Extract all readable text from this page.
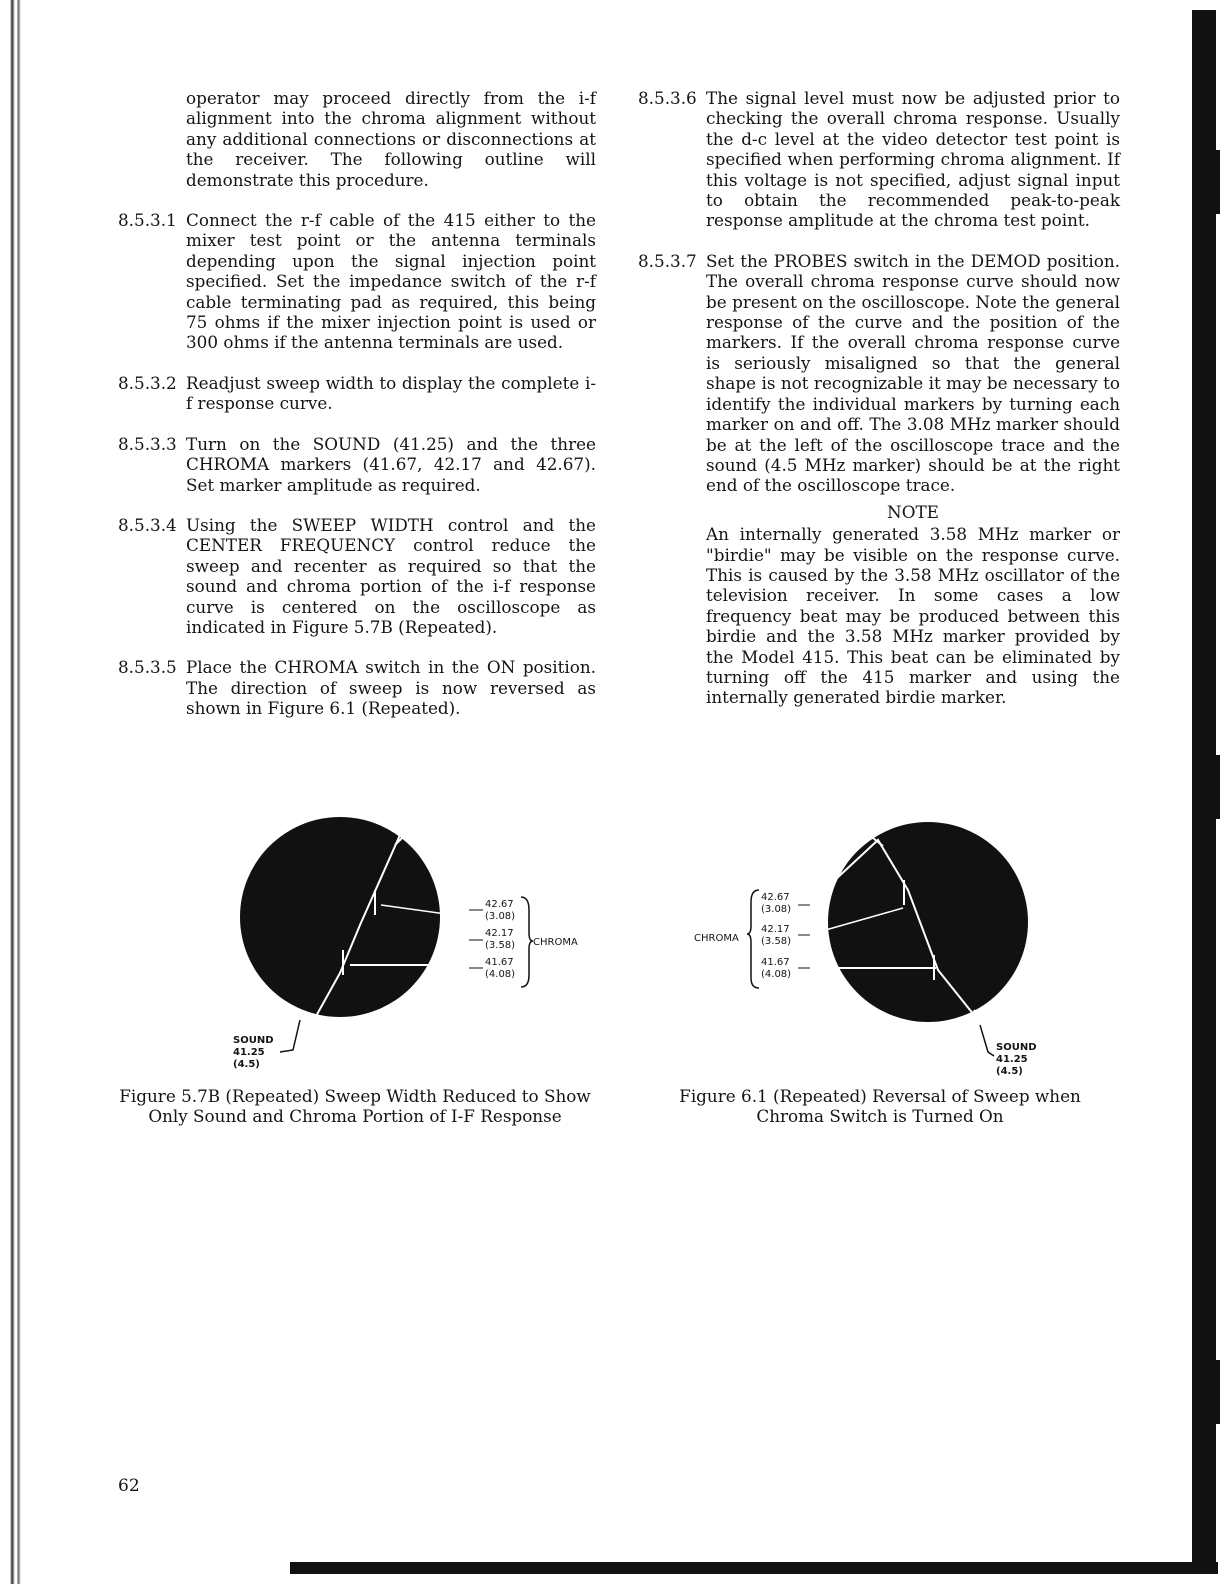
operator may proceed directly from the i-f alignment into the chroma alignment without any additional connections or disconnections at the receiver. The following outline will demonstrate this procedure.

8.5.3.1 Connect the r-f cable of the 415 either to the mixer test point or the antenna terminals depending upon the signal injection point specified. Set the impedance switch of the r-f cable terminating pad as required, this being 75 ohms if the mixer injection point is used or 300 ohms if the antenna terminals are used.
8.5.3.2 Readjust sweep width to display the complete i-f response curve.
8.5.3.3 Turn on the SOUND (41.25) and the three CHROMA markers (41.67, 42.17 and 42.67). Set marker amplitude as required.
8.5.3.4 Using the SWEEP WIDTH control and the CENTER FREQUENCY control reduce the sweep and recenter as required so that the sound and chroma portion of the i-f response curve is centered on the oscilloscope as indicated in Figure 5.7B (Repeated).
8.5.3.5 Place the CHROMA switch in the ON position. The direction of sweep is now reversed as shown in Figure 6.1 (Repeated).
8.5.3.6 The signal level must now be adjusted prior to checking the overall chroma response. Usually the d-c level at the video detector test point is specified when performing chroma alignment. If this voltage is not specified, adjust signal input to obtain the recommended peak-to-peak response amplitude at the chroma test point.
8.5.3.7 Set the PROBES switch in the DEMOD position. The overall chroma response curve should now be present on the oscilloscope. Note the general response of the curve and the position of the markers. If the overall chroma response curve is seriously misaligned so that the general shape is not recognizable it may be necessary to identify the individual markers by turning each marker on and off. The 3.08 MHz marker should be at the left of the oscilloscope trace and the sound (4.5 MHz marker) should be at the right end of the oscilloscope trace.
NOTE

An internally generated 3.58 MHz marker or "birdie" may be visible on the response curve. This is caused by the 3.58 MHz oscillator of the television receiver. In some cases a low frequency beat may be produced between this birdie and the 3.58 MHz marker provided by the Model 415. This beat can be eliminated by turning off the 415 marker and using the internally generated birdie marker.

42.67
(3.08)
42.17
(3.58)
41.67
(4.08)
CHROMA
SOUND
41.25
(4.5)
Figure 5.7B (Repeated) Sweep Width Reduced to Show Only Sound and Chroma Portion of I-F Response
42.67
(3.08)
42.17
(3.58)
41.67
(4.08)
CHROMA
SOUND
41.25
(4.5)
Figure 6.1 (Repeated) Reversal of Sweep when Chroma Switch is Turned On
62
